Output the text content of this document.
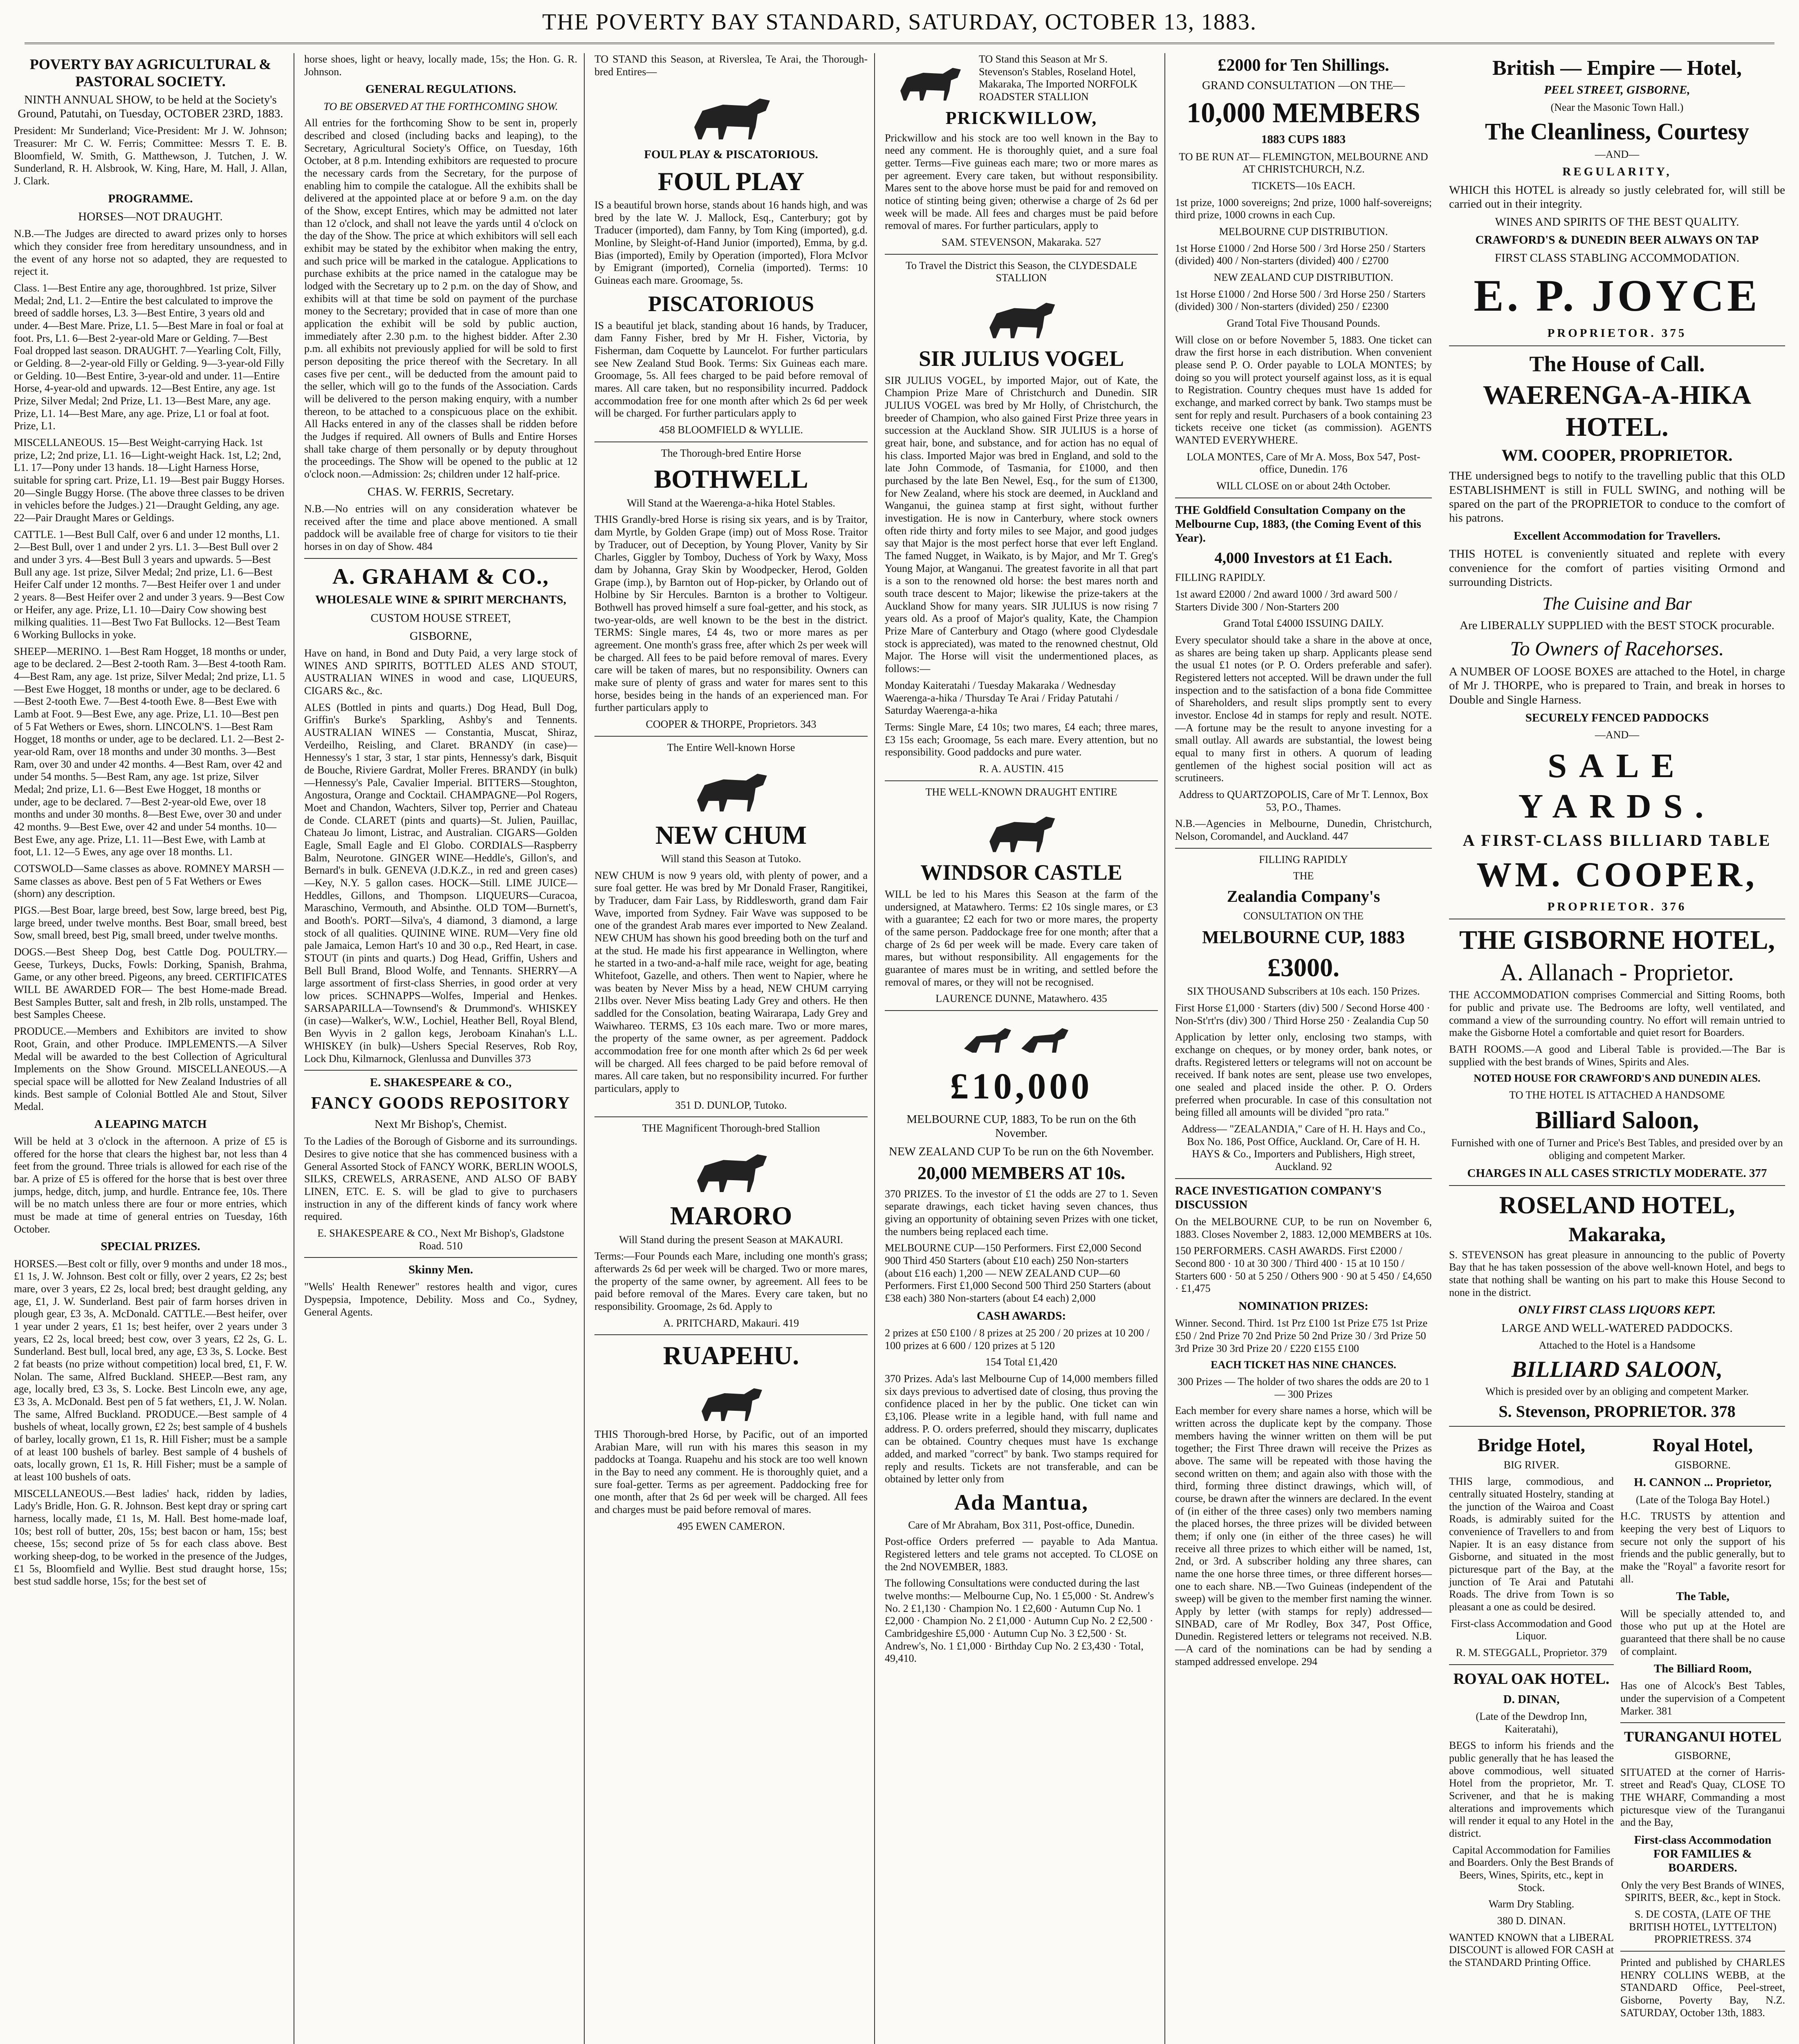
THE POVERTY BAY STANDARD, SATURDAY, OCTOBER 13, 1883.
POVERTY BAY AGRICULTURAL & PASTORAL SOCIETY.
NINTH ANNUAL SHOW, to be held at the Society's Ground, Patutahi, on Tuesday, OCTOBER 23RD, 1883.
President: Mr Sunderland; Vice-President: Mr J. W. Johnson; Treasurer: Mr C. W. Ferris; Committee: Messrs T. E. B. Bloomfield, W. Smith, G. Matthewson, J. Tutchen, J. W. Sunderland, R. H. Alsbrook, W. King, Hare, M. Hall, J. Allan, J. Clark.
PROGRAMME.
HORSES—NOT DRAUGHT.
N.B.—The Judges are directed to award prizes only to horses which they consider free from hereditary unsoundness, and in the event of any horse not so adapted, they are requested to reject it.
Class. 1—Best Entire any age, thoroughbred. 1st prize, Silver Medal; 2nd, L1. 2—Entire the best calculated to improve the breed of saddle horses, L3. 3—Best Entire, 3 years old and under. 4—Best Mare. Prize, L1. 5—Best Mare in foal or foal at foot. Prs, L1. 6—Best 2-year-old Mare or Gelding. 7—Best Foal dropped last season. DRAUGHT. 7—Yearling Colt, Filly, or Gelding. 8—2-year-old Filly or Gelding. 9—3-year-old Filly or Gelding. 10—Best Entire, 3-year-old and under. 11—Entire Horse, 4-year-old and upwards. 12—Best Entire, any age. 1st Prize, Silver Medal; 2nd Prize, L1. 13—Best Mare, any age. Prize, L1. 14—Best Mare, any age. Prize, L1 or foal at foot. Prize, L1.
MISCELLANEOUS. 15—Best Weight-carrying Hack. 1st prize, L2; 2nd prize, L1. 16—Light-weight Hack. 1st, L2; 2nd, L1. 17—Pony under 13 hands. 18—Light Harness Horse, suitable for spring cart. Prize, L1. 19—Best pair Buggy Horses. 20—Single Buggy Horse. (The above three classes to be driven in vehicles before the Judges.) 21—Draught Gelding, any age. 22—Pair Draught Mares or Geldings.
CATTLE. 1—Best Bull Calf, over 6 and under 12 months, L1. 2—Best Bull, over 1 and under 2 yrs. L1. 3—Best Bull over 2 and under 3 yrs. 4—Best Bull 3 years and upwards. 5—Best Bull any age. 1st prize, Silver Medal; 2nd prize, L1. 6—Best Heifer Calf under 12 months. 7—Best Heifer over 1 and under 2 years. 8—Best Heifer over 2 and under 3 years. 9—Best Cow or Heifer, any age. Prize, L1. 10—Dairy Cow showing best milking qualities. 11—Best Two Fat Bullocks. 12—Best Team 6 Working Bullocks in yoke.
SHEEP—MERINO. 1—Best Ram Hogget, 18 months or under, age to be declared. 2—Best 2-tooth Ram. 3—Best 4-tooth Ram. 4—Best Ram, any age. 1st prize, Silver Medal; 2nd prize, L1. 5—Best Ewe Hogget, 18 months or under, age to be declared. 6—Best 2-tooth Ewe. 7—Best 4-tooth Ewe. 8—Best Ewe with Lamb at Foot. 9—Best Ewe, any age. Prize, L1. 10—Best pen of 5 Fat Wethers or Ewes, shorn. LINCOLN'S. 1—Best Ram Hogget, 18 months or under, age to be declared. L1. 2—Best 2-year-old Ram, over 18 months and under 30 months. 3—Best Ram, over 30 and under 42 months. 4—Best Ram, over 42 and under 54 months. 5—Best Ram, any age. 1st prize, Silver Medal; 2nd prize, L1. 6—Best Ewe Hogget, 18 months or under, age to be declared. 7—Best 2-year-old Ewe, over 18 months and under 30 months. 8—Best Ewe, over 30 and under 42 months. 9—Best Ewe, over 42 and under 54 months. 10—Best Ewe, any age. Prize, L1. 11—Best Ewe, with Lamb at foot, L1. 12—5 Ewes, any age over 18 months. L1.
COTSWOLD—Same classes as above. ROMNEY MARSH — Same classes as above. Best pen of 5 Fat Wethers or Ewes (shorn) any description.
PIGS.—Best Boar, large breed, best Sow, large breed, best Pig, large breed, under twelve months. Best Boar, small breed, best Sow, small breed, best Pig, small breed, under twelve months.
DOGS.—Best Sheep Dog, best Cattle Dog. POULTRY.—Geese, Turkeys, Ducks, Fowls: Dorking, Spanish, Brahma, Game, or any other breed. Pigeons, any breed. CERTIFICATES WILL BE AWARDED FOR— The best Home-made Bread. Best Samples Butter, salt and fresh, in 2lb rolls, unstamped. The best Samples Cheese.
PRODUCE.—Members and Exhibitors are invited to show Root, Grain, and other Produce. IMPLEMENTS.—A Silver Medal will be awarded to the best Collection of Agricultural Implements on the Show Ground. MISCELLANEOUS.—A special space will be allotted for New Zealand Industries of all kinds. Best sample of Colonial Bottled Ale and Stout, Silver Medal.
A LEAPING MATCH
Will be held at 3 o'clock in the afternoon. A prize of £5 is offered for the horse that clears the highest bar, not less than 4 feet from the ground. Three trials is allowed for each rise of the bar. A prize of £5 is offered for the horse that is best over three jumps, hedge, ditch, jump, and hurdle. Entrance fee, 10s. There will be no match unless there are four or more entries, which must be made at time of general entries on Tuesday, 16th October.
SPECIAL PRIZES.
HORSES.—Best colt or filly, over 9 months and under 18 mos., £1 1s, J. W. Johnson. Best colt or filly, over 2 years, £2 2s; best mare, over 3 years, £2 2s, local bred; best draught gelding, any age, £1, J. W. Sunderland. Best pair of farm horses driven in plough gear, £3 3s, A. McDonald. CATTLE.—Best heifer, over 1 year under 2 years, £1 1s; best heifer, over 2 years under 3 years, £2 2s, local breed; best cow, over 3 years, £2 2s, G. L. Sunderland. Best bull, local bred, any age, £3 3s, S. Locke. Best 2 fat beasts (no prize without competition) local bred, £1, F. W. Nolan. The same, Alfred Buckland. SHEEP.—Best ram, any age, locally bred, £3 3s, S. Locke. Best Lincoln ewe, any age, £3 3s, A. McDonald. Best pen of 5 fat wethers, £1, J. W. Nolan. The same, Alfred Buckland. PRODUCE.—Best sample of 4 bushels of wheat, locally grown, £2 2s; best sample of 4 bushels of barley, locally grown, £1 1s, R. Hill Fisher; must be a sample of at least 100 bushels of barley. Best sample of 4 bushels of oats, locally grown, £1 1s, R. Hill Fisher; must be a sample of at least 100 bushels of oats.
MISCELLANEOUS.—Best ladies' hack, ridden by ladies, Lady's Bridle, Hon. G. R. Johnson. Best kept dray or spring cart harness, locally made, £1 1s, M. Hall. Best home-made loaf, 10s; best roll of butter, 20s, 15s; best bacon or ham, 15s; best cheese, 15s; second prize of 5s for each class above. Best working sheep-dog, to be worked in the presence of the Judges, £1 5s, Bloomfield and Wyllie. Best stud draught horse, 15s; best stud saddle horse, 15s; for the best set of
horse shoes, light or heavy, locally made, 15s; the Hon. G. R. Johnson.
GENERAL REGULATIONS.
TO BE OBSERVED AT THE FORTHCOMING SHOW.
All entries for the forthcoming Show to be sent in, properly described and closed (including backs and leaping), to the Secretary, Agricultural Society's Office, on Tuesday, 16th October, at 8 p.m. Intending exhibitors are requested to procure the necessary cards from the Secretary, for the purpose of enabling him to compile the catalogue. All the exhibits shall be delivered at the appointed place at or before 9 a.m. on the day of the Show, except Entires, which may be admitted not later than 12 o'clock, and shall not leave the yards until 4 o'clock on the day of the Show. The price at which exhibitors will sell each exhibit may be stated by the exhibitor when making the entry, and such price will be marked in the catalogue. Applications to purchase exhibits at the price named in the catalogue may be lodged with the Secretary up to 2 p.m. on the day of Show, and exhibits will at that time be sold on payment of the purchase money to the Secretary; provided that in case of more than one application the exhibit will be sold by public auction, immediately after 2.30 p.m. to the highest bidder. After 2.30 p.m. all exhibits not previously applied for will be sold to first person depositing the price thereof with the Secretary. In all cases five per cent., will be deducted from the amount paid to the seller, which will go to the funds of the Association. Cards will be delivered to the person making enquiry, with a number thereon, to be attached to a conspicuous place on the exhibit. All Hacks entered in any of the classes shall be ridden before the Judges if required. All owners of Bulls and Entire Horses shall take charge of them personally or by deputy throughout the proceedings. The Show will be opened to the public at 12 o'clock noon.—Admission: 2s; children under 12 half-price.
CHAS. W. FERRIS, Secretary.
N.B.—No entries will on any consideration whatever be received after the time and place above mentioned. A small paddock will be available free of charge for visitors to tie their horses in on day of Show. 484
A. GRAHAM & CO.,
WHOLESALE WINE & SPIRIT MERCHANTS,
CUSTOM HOUSE STREET,
GISBORNE,
Have on hand, in Bond and Duty Paid, a very large stock of WINES AND SPIRITS, BOTTLED ALES AND STOUT, AUSTRALIAN WINES in wood and case, LIQUEURS, CIGARS &c., &c.
ALES (Bottled in pints and quarts.) Dog Head, Bull Dog, Griffin's Burke's Sparkling, Ashby's and Tennents. AUSTRALIAN WINES — Constantia, Muscat, Shiraz, Verdeilho, Reisling, and Claret. BRANDY (in case)—Hennessy's 1 star, 3 star, 1 star pints, Hennessy's dark, Bisquit de Bouche, Riviere Gardrat, Moller Freres. BRANDY (in bulk)—Hennessy's Pale, Cavalier Imperial. BITTERS—Stoughton, Angostura, Orange and Cocktail. CHAMPAGNE—Pol Rogers, Moet and Chandon, Wachters, Silver top, Perrier and Chateau de Conde. CLARET (pints and quarts)—St. Julien, Pauillac, Chateau Jo limont, Listrac, and Australian. CIGARS—Golden Eagle, Small Eagle and El Globo. CORDIALS—Raspberry Balm, Neurotone. GINGER WINE—Heddle's, Gillon's, and Bernard's in bulk. GENEVA (J.D.K.Z., in red and green cases)—Key, N.Y. 5 gallon cases. HOCK—Still. LIME JUICE—Heddles, Gillons, and Thompson. LIQUEURS—Curacoa, Maraschino, Vermouth, and Absinthe. OLD TOM—Burnett's, and Booth's. PORT—Silva's, 4 diamond, 3 diamond, a large stock of all qualities. QUININE WINE. RUM—Very fine old pale Jamaica, Lemon Hart's 10 and 30 o.p., Red Heart, in case. STOUT (in pints and quarts.) Dog Head, Griffin, Ushers and Bell Bull Brand, Blood Wolfe, and Tennants. SHERRY—A large assortment of first-class Sherries, in good order at very low prices. SCHNAPPS—Wolfes, Imperial and Henkes. SARSAPARILLA—Townsend's & Drummond's. WHISKEY (in case)—Walker's, W.W., Lochiel, Heather Bell, Royal Blend, Ben Wyvis in 2 gallon kegs, Jeroboam Kinahan's L.L. WHISKEY (in bulk)—Ushers Special Reserves, Rob Roy, Lock Dhu, Kilmarnock, Glenlussa and Dunvilles 373
E. SHAKESPEARE & CO.,
FANCY GOODS REPOSITORY
Next Mr Bishop's, Chemist.
To the Ladies of the Borough of Gisborne and its surroundings. Desires to give notice that she has commenced business with a General Assorted Stock of FANCY WORK, BERLIN WOOLS, SILKS, CREWELS, ARRASENE, AND ALSO OF BABY LINEN, ETC. E. S. will be glad to give to purchasers instruction in any of the different kinds of fancy work where required.
E. SHAKESPEARE & CO., Next Mr Bishop's, Gladstone Road. 510
Skinny Men.
"Wells' Health Renewer" restores health and vigor, cures Dyspepsia, Impotence, Debility. Moss and Co., Sydney, General Agents.
TO STAND this Season, at Riverslea, Te Arai, the Thorough-bred Entires—
FOUL PLAY & PISCATORIOUS.
FOUL PLAY
IS a beautiful brown horse, stands about 16 hands high, and was bred by the late W. J. Mallock, Esq., Canterbury; got by Traducer (imported), dam Fanny, by Tom King (imported), g.d. Monline, by Sleight-of-Hand Junior (imported), Emma, by g.d. Bias (imported), Emily by Operation (imported), Flora McIvor by Emigrant (imported), Cornelia (imported). Terms: 10 Guineas each mare. Groomage, 5s.
PISCATORIOUS
IS a beautiful jet black, standing about 16 hands, by Traducer, dam Fanny Fisher, bred by Mr H. Fisher, Victoria, by Fisherman, dam Coquette by Launcelot. For further particulars see New Zealand Stud Book. Terms: Six Guineas each mare. Groomage, 5s. All fees charged to be paid before removal of mares. All care taken, but no responsibility incurred. Paddock accommodation free for one month after which 2s 6d per week will be charged. For further particulars apply to
458 BLOOMFIELD & WYLLIE.
The Thorough-bred Entire Horse
BOTHWELL
Will Stand at the Waerenga-a-hika Hotel Stables.
THIS Grandly-bred Horse is rising six years, and is by Traitor, dam Myrtle, by Golden Grape (imp) out of Moss Rose. Traitor by Traducer, out of Deception, by Young Plover, Vanity by Sir Charles, Giggler by Tomboy, Duchess of York by Waxy, Moss dam by Johanna, Gray Skin by Woodpecker, Herod, Golden Grape (imp.), by Barnton out of Hop-picker, by Orlando out of Holbine by Sir Hercules. Barnton is a brother to Voltigeur. Bothwell has proved himself a sure foal-getter, and his stock, as two-year-olds, are well known to be the best in the district. TERMS: Single mares, £4 4s, two or more mares as per agreement. One month's grass free, after which 2s per week will be charged. All fees to be paid before removal of mares. Every care will be taken of mares, but no responsibility. Owners can make sure of plenty of grass and water for mares sent to this horse, besides being in the hands of an experienced man. For further particulars apply to
COOPER & THORPE, Proprietors. 343
The Entire Well-known Horse
NEW CHUM
Will stand this Season at Tutoko.
NEW CHUM is now 9 years old, with plenty of power, and a sure foal getter. He was bred by Mr Donald Fraser, Rangitikei, by Traducer, dam Fair Lass, by Riddlesworth, grand dam Fair Wave, imported from Sydney. Fair Wave was supposed to be one of the grandest Arab mares ever imported to New Zealand. NEW CHUM has shown his good breeding both on the turf and at the stud. He made his first appearance in Wellington, where he started in a two-and-a-half mile race, weight for age, beating Whitefoot, Gazelle, and others. Then went to Napier, where he was beaten by Never Miss by a head, NEW CHUM carrying 21lbs over. Never Miss beating Lady Grey and others. He then saddled for the Consolation, beating Wairarapa, Lady Grey and Waiwhareo. TERMS, £3 10s each mare. Two or more mares, the property of the same owner, as per agreement. Paddock accommodation free for one month after which 2s 6d per week will be charged. All fees charged to be paid before removal of mares. All care taken, but no responsibility incurred. For further particulars, apply to
351 D. DUNLOP, Tutoko.
THE Magnificent Thorough-bred Stallion
MARORO
Will Stand during the present Season at MAKAURI.
Terms:—Four Pounds each Mare, including one month's grass; afterwards 2s 6d per week will be charged. Two or more mares, the property of the same owner, by agreement. All fees to be paid before removal of the Mares. Every care taken, but no responsibility. Groomage, 2s 6d. Apply to
A. PRITCHARD, Makauri. 419
RUAPEHU.
THIS Thorough-bred Horse, by Pacific, out of an imported Arabian Mare, will run with his mares this season in my paddocks at Toanga. Ruapehu and his stock are too well known in the Bay to need any comment. He is thoroughly quiet, and a sure foal-getter. Terms as per agreement. Paddocking free for one month, after that 2s 6d per week will be charged. All fees and charges must be paid before removal of mares.
495 EWEN CAMERON.
TO Stand this Season at Mr S. Stevenson's Stables, Roseland Hotel, Makaraka, The Imported NORFOLK ROADSTER STALLION
PRICKWILLOW,
Prickwillow and his stock are too well known in the Bay to need any comment. He is thoroughly quiet, and a sure foal getter. Terms—Five guineas each mare; two or more mares as per agreement. Every care taken, but without responsibility. Mares sent to the above horse must be paid for and removed on notice of stinting being given; otherwise a charge of 2s 6d per week will be made. All fees and charges must be paid before removal of mares. For further particulars, apply to
SAM. STEVENSON, Makaraka. 527
To Travel the District this Season, the CLYDESDALE STALLION
SIR JULIUS VOGEL
SIR JULIUS VOGEL, by imported Major, out of Kate, the Champion Prize Mare of Christchurch and Dunedin. SIR JULIUS VOGEL was bred by Mr Holly, of Christchurch, the breeder of Champion, who also gained First Prize three years in succession at the Auckland Show. SIR JULIUS is a horse of great hair, bone, and substance, and for action has no equal of his class. Imported Major was bred in England, and sold to the late John Commode, of Tasmania, for £1000, and then purchased by the late Ben Newel, Esq., for the sum of £1300, for New Zealand, where his stock are deemed, in Auckland and Wanganui, the guinea stamp at first sight, without further investigation. He is now in Canterbury, where stock owners often ride thirty and forty miles to see Major, and good judges say that Major is the most perfect horse that ever left England. The famed Nugget, in Waikato, is by Major, and Mr T. Greg's Young Major, at Wanganui. The greatest favorite in all that part is a son to the renowned old horse: the best mares north and south trace descent to Major; likewise the prize-takers at the Auckland Show for many years. SIR JULIUS is now rising 7 years old. As a proof of Major's quality, Kate, the Champion Prize Mare of Canterbury and Otago (where good Clydesdale stock is appreciated), was mated to the renowned chestnut, Old Major. The Horse will visit the undermentioned places, as follows:—
Monday Kaiteratahi / Tuesday Makaraka / Wednesday Waerenga-a-hika / Thursday Te Arai / Friday Patutahi / Saturday Waerenga-a-hika
Terms: Single Mare, £4 10s; two mares, £4 each; three mares, £3 15s each; Groomage, 5s each mare. Every attention, but no responsibility. Good paddocks and pure water.
R. A. AUSTIN. 415
THE WELL-KNOWN DRAUGHT ENTIRE
WINDSOR CASTLE
WILL be led to his Mares this Season at the farm of the undersigned, at Matawhero. Terms: £2 10s single mares, or £3 with a guarantee; £2 each for two or more mares, the property of the same person. Paddockage free for one month; after that a charge of 2s 6d per week will be made. Every care taken of mares, but without responsibility. All engagements for the guarantee of mares must be in writing, and settled before the removal of mares, or they will not be recognised.
LAURENCE DUNNE, Matawhero. 435
£10,000
MELBOURNE CUP, 1883, To be run on the 6th November.
NEW ZEALAND CUP To be run on the 6th November.
20,000 MEMBERS AT 10s.
370 PRIZES. To the investor of £1 the odds are 27 to 1. Seven separate drawings, each ticket having seven chances, thus giving an opportunity of obtaining seven Prizes with one ticket, the numbers being replaced each time.
MELBOURNE CUP—150 Performers. First £2,000 Second 900 Third 450 Starters (about £10 each) 250 Non-starters (about £16 each) 1,200 — NEW ZEALAND CUP—60 Performers. First £1,000 Second 500 Third 250 Starters (about £38 each) 380 Non-starters (about £4 each) 2,000
CASH AWARDS:
2 prizes at £50 £100 / 8 prizes at 25 200 / 20 prizes at 10 200 / 100 prizes at 6 600 / 120 prizes at 5 120
154 Total £1,420
370 Prizes. Ada's last Melbourne Cup of 14,000 members filled six days previous to advertised date of closing, thus proving the confidence placed in her by the public. One ticket can win £3,106. Please write in a legible hand, with full name and address. P. O. orders preferred, should they miscarry, duplicates can be obtained. Country cheques must have 1s exchange added, and marked "correct" by bank. Two stamps required for reply and results. Tickets are not transferable, and can be obtained by letter only from
Ada Mantua,
Care of Mr Abraham, Box 311, Post-office, Dunedin.
Post-office Orders preferred — payable to Ada Mantua. Registered letters and tele grams not accepted. To CLOSE on the 2nd NOVEMBER, 1883.
The following Consultations were conducted during the last twelve months:— Melbourne Cup, No. 1 £5,000 · St. Andrew's No. 2 £1,130 · Champion No. 1 £2,600 · Autumn Cup No. 1 £2,000 · Champion No. 2 £1,000 · Autumn Cup No. 2 £2,500 · Cambridgeshire £5,000 · Autumn Cup No. 3 £2,500 · St. Andrew's, No. 1 £1,000 · Birthday Cup No. 2 £3,430 · Total, 49,410.
£2000 for Ten Shillings.
GRAND CONSULTATION —ON THE—
10,000 MEMBERS
1883 CUPS 1883
TO BE RUN AT— FLEMINGTON, MELBOURNE AND AT CHRISTCHURCH, N.Z.
TICKETS—10s EACH.
1st prize, 1000 sovereigns; 2nd prize, 1000 half-sovereigns; third prize, 1000 crowns in each Cup.
MELBOURNE CUP DISTRIBUTION.
1st Horse £1000 / 2nd Horse 500 / 3rd Horse 250 / Starters (divided) 400 / Non-starters (divided) 400 / £2700
NEW ZEALAND CUP DISTRIBUTION.
1st Horse £1000 / 2nd Horse 500 / 3rd Horse 250 / Starters (divided) 300 / Non-starters (divided) 250 / £2300
Grand Total Five Thousand Pounds.
Will close on or before November 5, 1883. One ticket can draw the first horse in each distribution. When convenient please send P. O. Order payable to LOLA MONTES; by doing so you will protect yourself against loss, as it is equal to Registration. Country cheques must have 1s added for exchange, and marked correct by bank. Two stamps must be sent for reply and result. Purchasers of a book containing 23 tickets receive one ticket (as commission). AGENTS WANTED EVERYWHERE.
LOLA MONTES, Care of Mr A. Moss, Box 547, Post-office, Dunedin. 176
WILL CLOSE on or about 24th October.
THE Goldfield Consultation Company on the Melbourne Cup, 1883, (the Coming Event of this Year).
4,000 Investors at £1 Each.
FILLING RAPIDLY.
1st award £2000 / 2nd award 1000 / 3rd award 500 / Starters Divide 300 / Non-Starters 200
Grand Total £4000 ISSUING DAILY.
Every speculator should take a share in the above at once, as shares are being taken up sharp. Applicants please send the usual £1 notes (or P. O. Orders preferable and safer). Registered letters not accepted. Will be drawn under the full inspection and to the satisfaction of a bona fide Committee of Shareholders, and result slips promptly sent to every investor. Enclose 4d in stamps for reply and result. NOTE.—A fortune may be the result to anyone investing for a small outlay. All awards are substantial, the lowest being equal to many first in others. A quorum of leading gentlemen of the highest social position will act as scrutineers.
Address to QUARTZOPOLIS, Care of Mr T. Lennox, Box 53, P.O., Thames.
N.B.—Agencies in Melbourne, Dunedin, Christchurch, Nelson, Coromandel, and Auckland. 447
FILLING RAPIDLY
THE
Zealandia Company's
CONSULTATION ON THE
MELBOURNE CUP, 1883
£3000.
SIX THOUSAND Subscribers at 10s each. 150 Prizes.
First Horse £1,000 · Starters (div) 500 / Second Horse 400 · Non-St'rt'rs (div) 300 / Third Horse 250 · Zealandia Cup 50
Application by letter only, enclosing two stamps, with exchange on cheques, or by money order, bank notes, or drafts. Registered letters or telegrams will not on account be received. If bank notes are sent, please use two envelopes, one sealed and placed inside the other. P. O. Orders preferred when procurable. In case of this consultation not being filled all amounts will be divided "pro rata."
Address— "ZEALANDIA," Care of H. H. Hays and Co., Box No. 186, Post Office, Auckland. Or, Care of H. H. HAYS & Co., Importers and Publishers, High street, Auckland. 92
RACE INVESTIGATION COMPANY'S DISCUSSION
On the MELBOURNE CUP, to be run on November 6, 1883. Closes November 2, 1883. 12,000 MEMBERS at 10s.
150 PERFORMERS. CASH AWARDS. First £2000 / Second 800 · 10 at 30 300 / Third 400 · 15 at 10 150 / Starters 600 · 50 at 5 250 / Others 900 · 90 at 5 450 / £4,650 · £1,475
NOMINATION PRIZES:
Winner. Second. Third. 1st Prz £100 1st Prize £75 1st Prize £50 / 2nd Prize 70 2nd Prize 50 2nd Prize 30 / 3rd Prize 50 3rd Prize 30 3rd Prize 20 / £220 £155 £100
EACH TICKET HAS NINE CHANCES.
300 Prizes — The holder of two shares the odds are 20 to 1 — 300 Prizes
Each member for every share names a horse, which will be written across the duplicate kept by the company. Those members having the winner written on them will be put together; the First Three drawn will receive the Prizes as above. The same will be repeated with those having the second written on them; and again also with those with the third, forming three distinct drawings, which will, of course, be drawn after the winners are declared. In the event of (in either of the three cases) only two members naming the placed horses, the three prizes will be divided between them; if only one (in either of the three cases) he will receive all three prizes to which either will be named, 1st, 2nd, or 3rd. A subscriber holding any three shares, can name the one horse three times, or three different horses—one to each share. NB.—Two Guineas (independent of the sweep) will be given to the member first naming the winner. Apply by letter (with stamps for reply) addressed— SINBAD, care of Mr Rodley, Box 347, Post Office, Dunedin. Registered letters or telegrams not received. N.B.—A card of the nominations can be had by sending a stamped addressed envelope. 294
British — Empire — Hotel,
PEEL STREET, GISBORNE,
(Near the Masonic Town Hall.)
The Cleanliness, Courtesy
—AND—
REGULARITY,
WHICH this HOTEL is already so justly celebrated for, will still be carried out in their integrity.
WINES AND SPIRITS OF THE BEST QUALITY.
CRAWFORD'S & DUNEDIN BEER ALWAYS ON TAP
FIRST CLASS STABLING ACCOMMODATION.
E. P. JOYCE
PROPRIETOR. 375
The House of Call.
WAERENGA-A-HIKA HOTEL.
WM. COOPER, PROPRIETOR.
THE undersigned begs to notify to the travelling public that this OLD ESTABLISHMENT is still in FULL SWING, and nothing will be spared on the part of the PROPRIETOR to conduce to the comfort of his patrons.
Excellent Accommodation for Travellers.
THIS HOTEL is conveniently situated and replete with every convenience for the comfort of parties visiting Ormond and surrounding Districts.
The Cuisine and Bar
Are LIBERALLY SUPPLIED with the BEST STOCK procurable.
To Owners of Racehorses.
A NUMBER OF LOOSE BOXES are attached to the Hotel, in charge of Mr J. THORPE, who is prepared to Train, and break in horses to Double and Single Harness.
SECURELY FENCED PADDOCKS
—AND—
SALE YARDS.
A FIRST-CLASS BILLIARD TABLE
WM. COOPER,
PROPRIETOR. 376
THE GISBORNE HOTEL,
A. Allanach - Proprietor.
THE ACCOMMODATION comprises Commercial and Sitting Rooms, both for public and private use. The Bedrooms are lofty, well ventilated, and command a view of the surrounding country. No effort will remain untried to make the Gisborne Hotel a comfortable and quiet resort for Boarders.
BATH ROOMS.—A good and Liberal Table is provided.—The Bar is supplied with the best brands of Wines, Spirits and Ales.
NOTED HOUSE FOR CRAWFORD'S AND DUNEDIN ALES.
TO THE HOTEL IS ATTACHED A HANDSOME
Billiard Saloon,
Furnished with one of Turner and Price's Best Tables, and presided over by an obliging and competent Marker.
CHARGES IN ALL CASES STRICTLY MODERATE. 377
ROSELAND HOTEL,
Makaraka,
S. STEVENSON has great pleasure in announcing to the public of Poverty Bay that he has taken possession of the above well-known Hotel, and begs to state that nothing shall be wanting on his part to make this House Second to none in the district.
ONLY FIRST CLASS LIQUORS KEPT.
LARGE AND WELL-WATERED PADDOCKS.
Attached to the Hotel is a Handsome
BILLIARD SALOON,
Which is presided over by an obliging and competent Marker.
S. Stevenson, PROPRIETOR. 378
Bridge Hotel,
BIG RIVER.
THIS large, commodious, and centrally situated Hostelry, standing at the junction of the Wairoa and Coast Roads, is admirably suited for the convenience of Travellers to and from Napier. It is an easy distance from Gisborne, and situated in the most picturesque part of the Bay, at the junction of Te Arai and Patutahi Roads. The drive from Town is so pleasant a one as could be desired.
First-class Accommodation and Good Liquor.
R. M. STEGGALL, Proprietor. 379
ROYAL OAK HOTEL.
D. DINAN,
(Late of the Dewdrop Inn, Kaiteratahi),
BEGS to inform his friends and the public generally that he has leased the above commodious, well situated Hotel from the proprietor, Mr. T. Scrivener, and that he is making alterations and improvements which will render it equal to any Hotel in the district.
Capital Accommodation for Families and Boarders. Only the Best Brands of Beers, Wines, Spirits, etc., kept in Stock.
Warm Dry Stabling.
380 D. DINAN.
WANTED KNOWN that a LIBERAL DISCOUNT is allowed FOR CASH at the STANDARD Printing Office.
Royal Hotel,
GISBORNE.
H. CANNON ... Proprietor,
(Late of the Tologa Bay Hotel.)
H.C. TRUSTS by attention and keeping the very best of Liquors to secure not only the support of his friends and the public generally, but to make the "Royal" a favorite resort for all.
The Table,
Will be specially attended to, and those who put up at the Hotel are guaranteed that there shall be no cause of complaint.
The Billiard Room,
Has one of Alcock's Best Tables, under the supervision of a Competent Marker. 381
TURANGANUI HOTEL
GISBORNE,
SITUATED at the corner of Harris-street and Read's Quay, CLOSE TO THE WHARF, Commanding a most picturesque view of the Turanganui and the Bay,
First-class Accommodation FOR FAMILIES & BOARDERS.
Only the very Best Brands of WINES, SPIRITS, BEER, &c., kept in Stock.
S. DE COSTA, (LATE OF THE BRITISH HOTEL, LYTTELTON) PROPRIETRESS. 374
Printed and published by CHARLES HENRY COLLINS WEBB, at the STANDARD Office, Peel-street, Gisborne, Poverty Bay, N.Z. SATURDAY, October 13th, 1883.
